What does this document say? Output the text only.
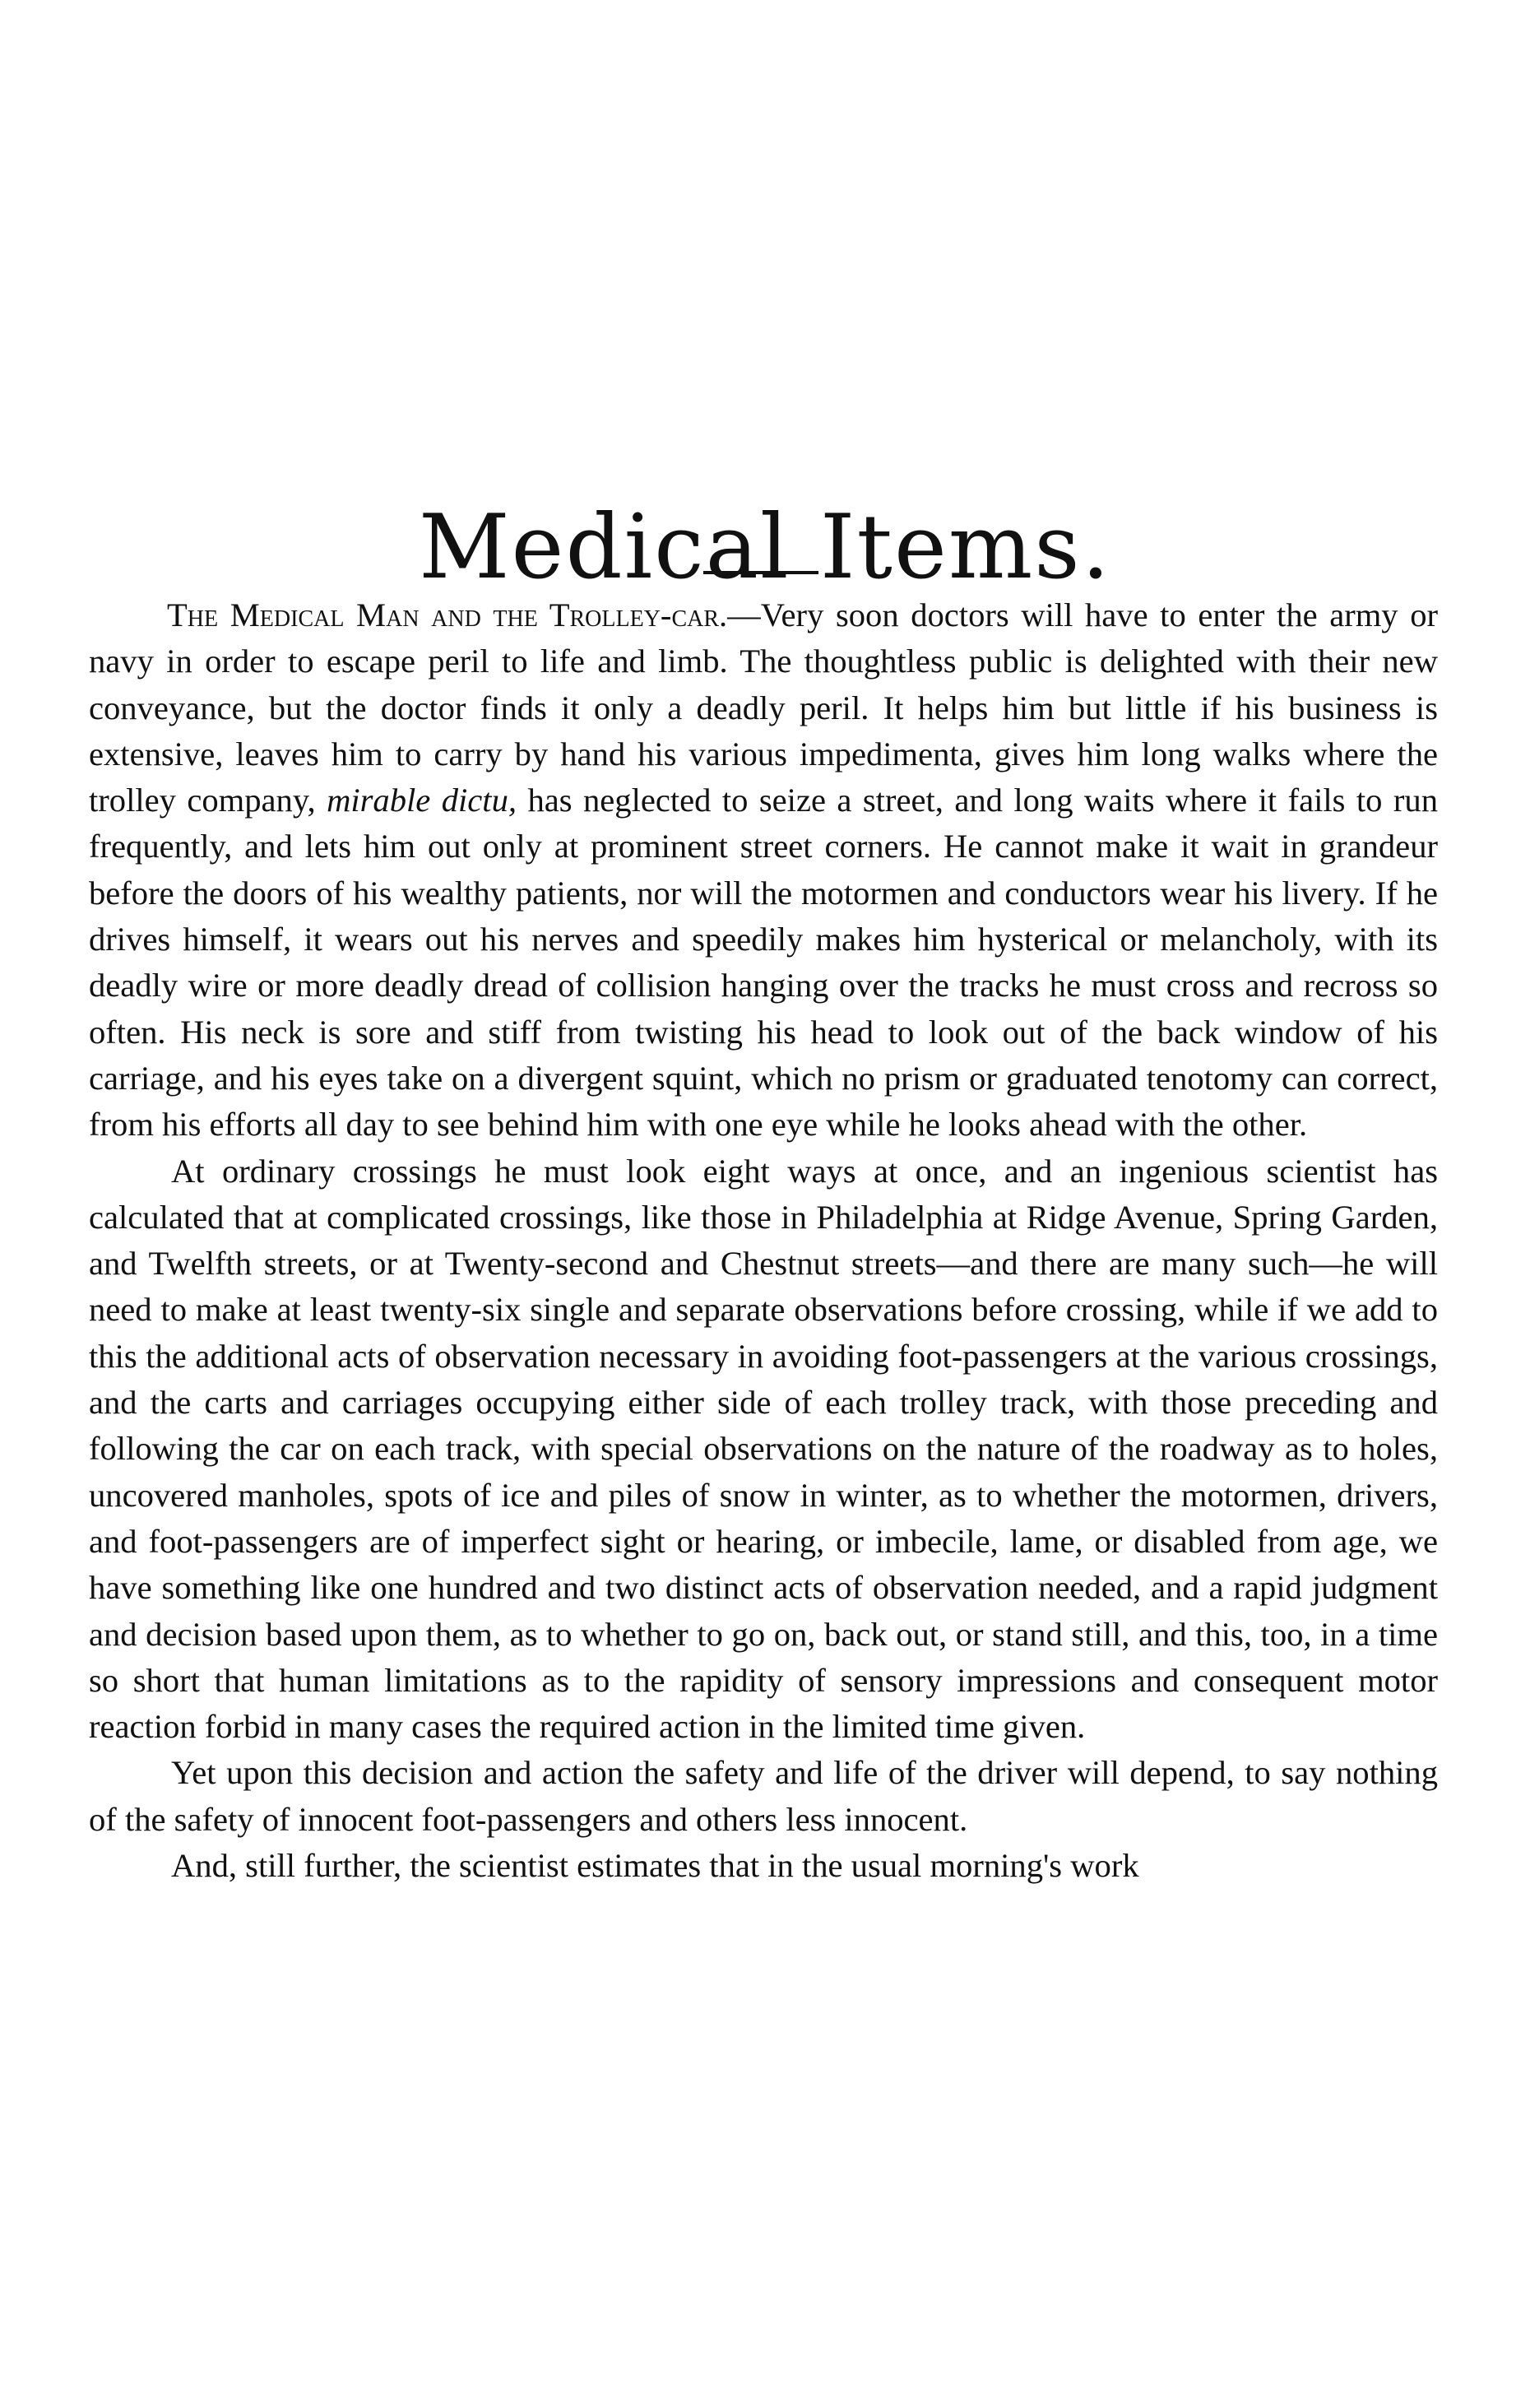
Medical Items.

The Medical Man and the Trolley-car.—Very soon doctors will have to enter the army or navy in order to escape peril to life and limb. The thoughtless public is delighted with their new conveyance, but the doctor finds it only a deadly peril. It helps him but little if his business is extensive, leaves him to carry by hand his various impedimenta, gives him long walks where the trolley company, mirable dictu, has neglected to seize a street, and long waits where it fails to run frequently, and lets him out only at prominent street corners. He cannot make it wait in grandeur before the doors of his wealthy patients, nor will the motormen and conductors wear his livery. If he drives himself, it wears out his nerves and speedily makes him hysterical or melancholy, with its deadly wire or more deadly dread of collision hanging over the tracks he must cross and recross so often. His neck is sore and stiff from twisting his head to look out of the back window of his carriage, and his eyes take on a divergent squint, which no prism or graduated tenotomy can correct, from his efforts all day to see behind him with one eye while he looks ahead with the other.

At ordinary crossings he must look eight ways at once, and an ingenious scientist has calculated that at complicated crossings, like those in Philadelphia at Ridge Avenue, Spring Garden, and Twelfth streets, or at Twenty-second and Chestnut streets—and there are many such—he will need to make at least twenty-six single and separate observations before crossing, while if we add to this the additional acts of observation necessary in avoiding foot-passengers at the various crossings, and the carts and carriages occupying either side of each trolley track, with those preceding and following the car on each track, with special observations on the nature of the roadway as to holes, uncovered manholes, spots of ice and piles of snow in winter, as to whether the motormen, drivers, and foot-passengers are of imperfect sight or hearing, or imbecile, lame, or disabled from age, we have something like one hundred and two distinct acts of observation needed, and a rapid judgment and decision based upon them, as to whether to go on, back out, or stand still, and this, too, in a time so short that human limitations as to the rapidity of sensory impressions and consequent motor reaction forbid in many cases the required action in the limited time given.

Yet upon this decision and action the safety and life of the driver will depend, to say nothing of the safety of innocent foot-passengers and others less innocent.

And, still further, the scientist estimates that in the usual morning's work
